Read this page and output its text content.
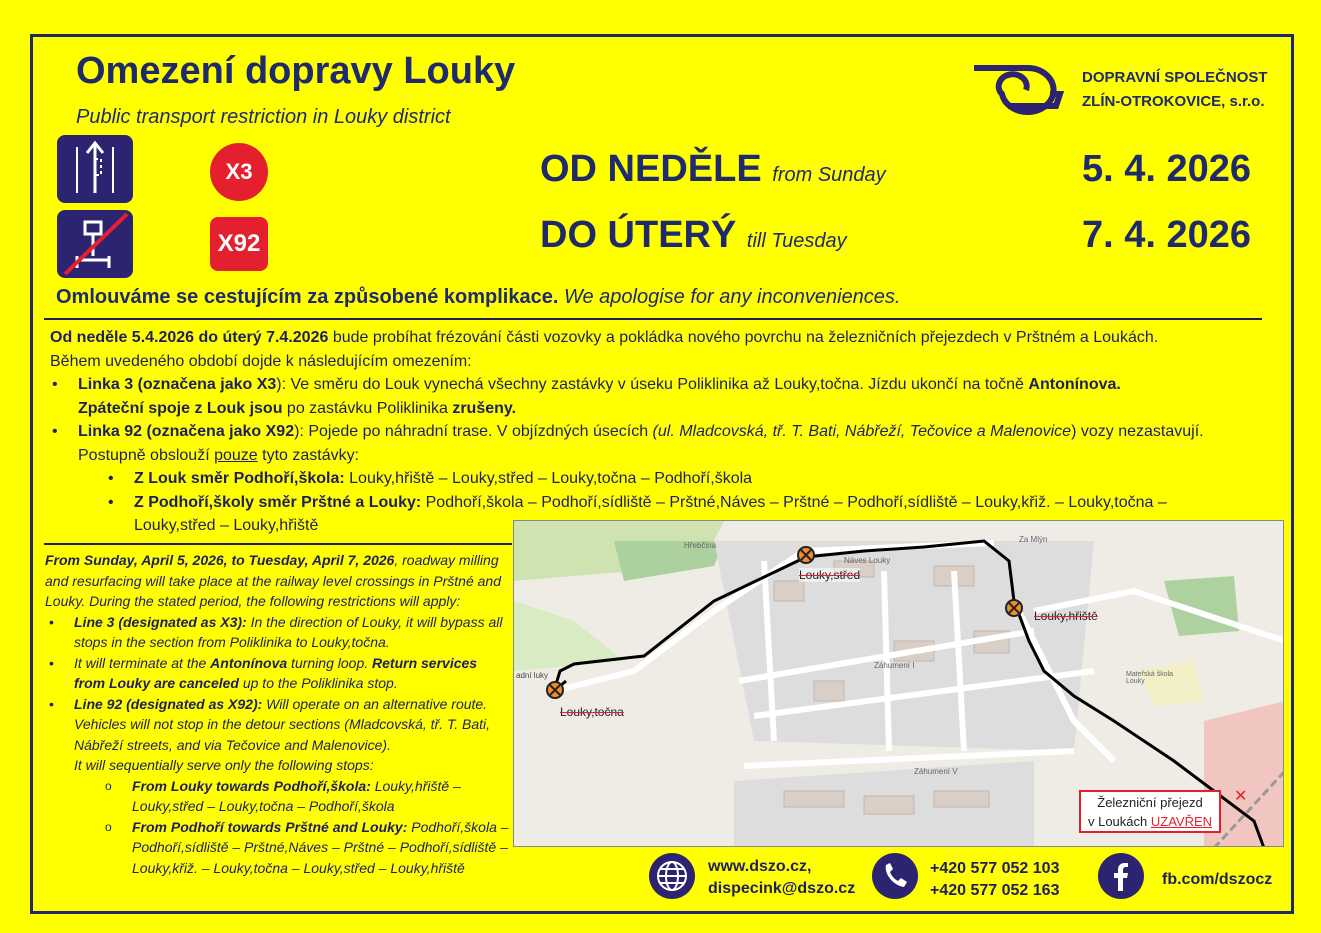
Omezení dopravy Louky
Public transport restriction in Louky district
DOPRAVNÍ SPOLEČNOST
ZLÍN-OTROKOVICE, s.r.o.
X3
X92
OD NEDĚLE from Sunday	5. 4. 2026
DO ÚTERÝ till Tuesday	7. 4. 2026
Omlouváme se cestujícím za způsobené komplikace. We apologise for any inconveniences.

Od neděle 5.4.2026 do úterý 7.4.2026 bude probíhat frézování části vozovky a pokládka nového povrchu na železničních přejezdech v Prštném a Loukách.

Během uvedeného období dojde k následujícím omezením:

• Linka 3 (označena jako X3): Ve směru do Louk vynechá všechny zastávky v úseku Poliklinika až Louky,točna. Jízdu ukončí na točně Antonínova.
Zpáteční spoje z Louk jsou po zastávku Poliklinika zrušeny.
• Linka 92 (označena jako X92): Pojede po náhradní trase. V objízdných úsecích (ul. Mladcovská, tř. T. Bati, Nábřeží, Tečovice a Malenovice) vozy nezastavují.
Postupně obslouží pouze tyto zastávky:
• Z Louk směr Podhoří,škola: Louky,hřiště – Louky,střed – Louky,točna – Podhoří,škola
• Z Podhoří,školy směr Prštné a Louky: Podhoří,škola – Podhoří,sídliště – Prštné,Náves – Prštné – Podhoří,sídliště – Louky,křiž. – Louky,točna –
Louky,střed – Louky,hřiště

From Sunday, April 5, 2026, to Tuesday, April 7, 2026, roadway milling and resurfacing will take place at the railway level crossings in Prštné and Louky. During the stated period, the following restrictions will apply:

• Line 3 (designated as X3): In the direction of Louky, it will bypass all stops in the section from Poliklinika to Louky,točna.
• It will terminate at the Antonínova turning loop. Return services from Louky are canceled up to the Poliklinika stop.
• Line 92 (designated as X92): Will operate on an alternative route. Vehicles will not stop in the detour sections (Mladcovská, tř. T. Bati, Nábřeží streets, and via Tečovice and Malenovice).
It will sequentially serve only the following stops:
o From Louky towards Podhoří,škola: Louky,hřiště – Louky,střed – Louky,točna – Podhoří,škola
o From Podhoří towards Prštné and Louky: Podhoří,škola – Podhoří,sídliště – Prštné,Náves – Prštné – Podhoří,sídliště – Louky,křiž. – Louky,točna – Louky,střed – Louky,hřiště
Louky,střed
Louky,hřiště
Louky,točna
✕
Hřebčina
Náves Louky
Za Mlýn
Záhumení I
Záhumení V
Mateřská škola Louky
adní luky
Železniční přejezd
v Loukách UZAVŘEN
www.dszo.cz,
dispecink@dszo.cz
+420 577 052 103
+420 577 052 163
fb.com/dszocz
